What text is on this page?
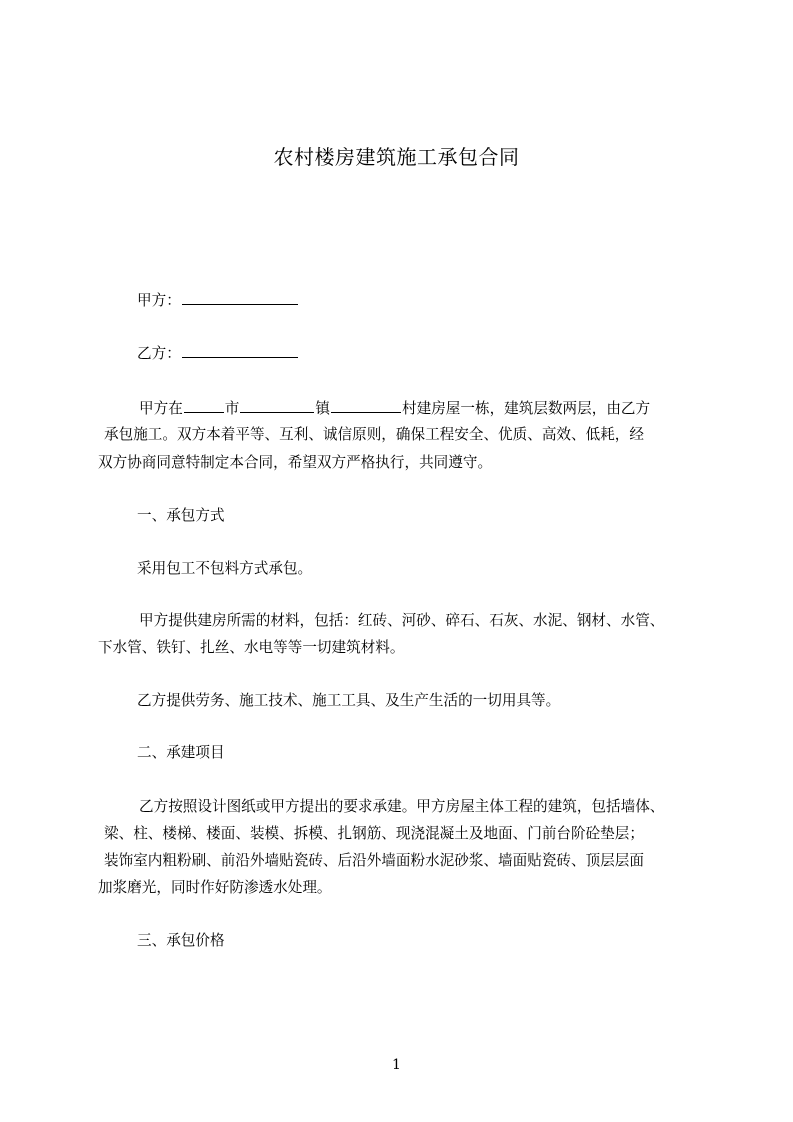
农村楼房建筑施工承包合同
甲方：
乙方：
甲方在	市	镇	村建房屋一栋，建筑层数两层，由乙方
承包施工。双方本着平等、互利、诚信原则，确保工程安全、优质、高效、低耗，经
双方协商同意特制定本合同，希望双方严格执行，共同遵守。
一、承包方式
采用包工不包料方式承包。
甲方提供建房所需的材料，包括：红砖、河砂、碎石、石灰、水泥、钢材、水管、
下水管、铁钉、扎丝、水电等等一切建筑材料。
乙方提供劳务、施工技术、施工工具、及生产生活的一切用具等。
二、承建项目
乙方按照设计图纸或甲方提出的要求承建。甲方房屋主体工程的建筑，包括墙体、
梁、柱、楼梯、楼面、装模、拆模、扎钢筋、现浇混凝土及地面、门前台阶砼垫层；
装饰室内粗粉刷、前沿外墙贴瓷砖、后沿外墙面粉水泥砂浆、墙面贴瓷砖、顶层层面
加浆磨光，同时作好防渗透水处理。
三、承包价格
1
